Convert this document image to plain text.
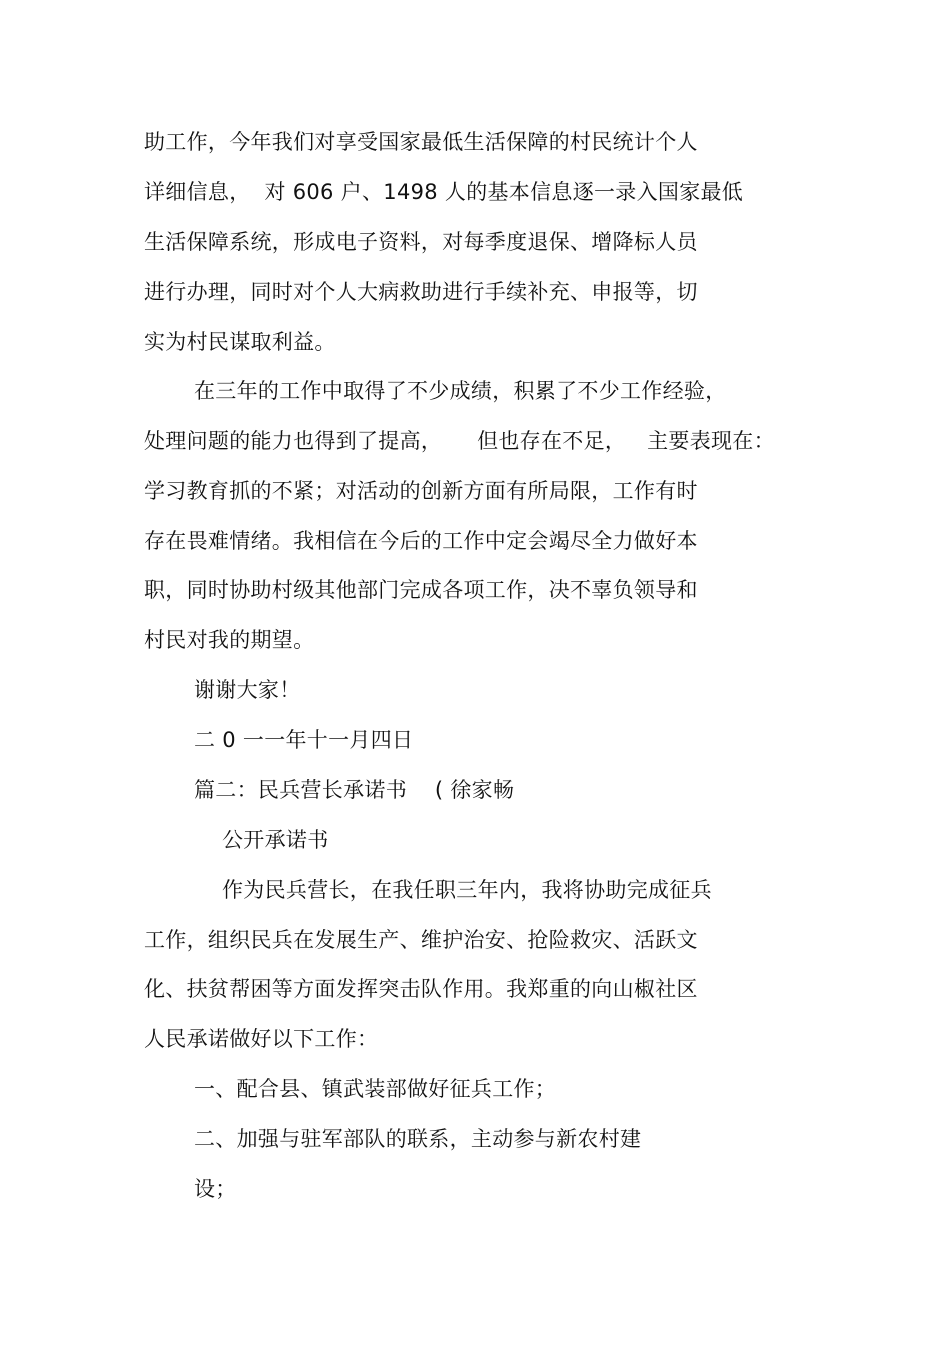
助工作，今年我们对享受国家最低生活保障的村民统计个人
详细信息，  对 606 户、1498 人的基本信息逐一录入国家最低
生活保障系统，形成电子资料，对每季度退保、增降标人员
进行办理，同时对个人大病救助进行手续补充、申报等，切
实为村民谋取利益。
在三年的工作中取得了不少成绩，积累了不少工作经验，
处理问题的能力也得到了提高，     但也存在不足，   主要表现在：
学习教育抓的不紧；对活动的创新方面有所局限，工作有时
存在畏难情绪。我相信在今后的工作中定会竭尽全力做好本
职，同时协助村级其他部门完成各项工作，决不辜负领导和
村民对我的期望。
谢谢大家！
二 0 一一年十一月四日
篇二：民兵营长承诺书    ( 徐家畅
公开承诺书
作为民兵营长，在我任职三年内，我将协助完成征兵
工作，组织民兵在发展生产、维护治安、抢险救灾、活跃文
化、扶贫帮困等方面发挥突击队作用。我郑重的向山椒社区
人民承诺做好以下工作：
一、配合县、镇武装部做好征兵工作；
二、加强与驻军部队的联系，主动参与新农村建
设；
